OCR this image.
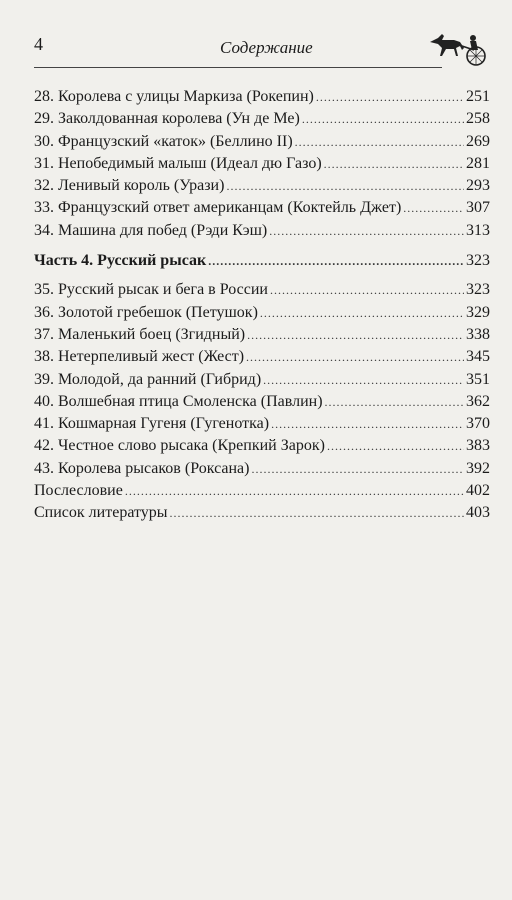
4	Содержание
28. Королева с улицы Маркиза (Рокепин) .....	251
29. Заколдованная королева (Ун де Ме) .....	258
30. Французский «каток» (Беллино II) .....	269
31. Непобедимый малыш (Идеал дю Газо) .....	281
32. Ленивый король (Урази) .....	293
33. Французский ответ американцам (Коктейль Джет) .....	307
34. Машина для побед (Рэди Кэш) .....	313
Часть 4. Русский рысак .....	323
35. Русский рысак и бега в России .....	323
36. Золотой гребешок (Петушок) .....	329
37. Маленький боец (Згидный) .....	338
38. Нетерпеливый жест (Жест) .....	345
39. Молодой, да ранний (Гибрид) .....	351
40. Волшебная птица Смоленска (Павлин) .....	362
41. Кошмарная Гугеня (Гугенотка) .....	370
42. Честное слово рысака (Крепкий Зарок) .....	383
43. Королева рысаков (Роксана) .....	392
Послесловие .....	402
Список литературы .....	403
